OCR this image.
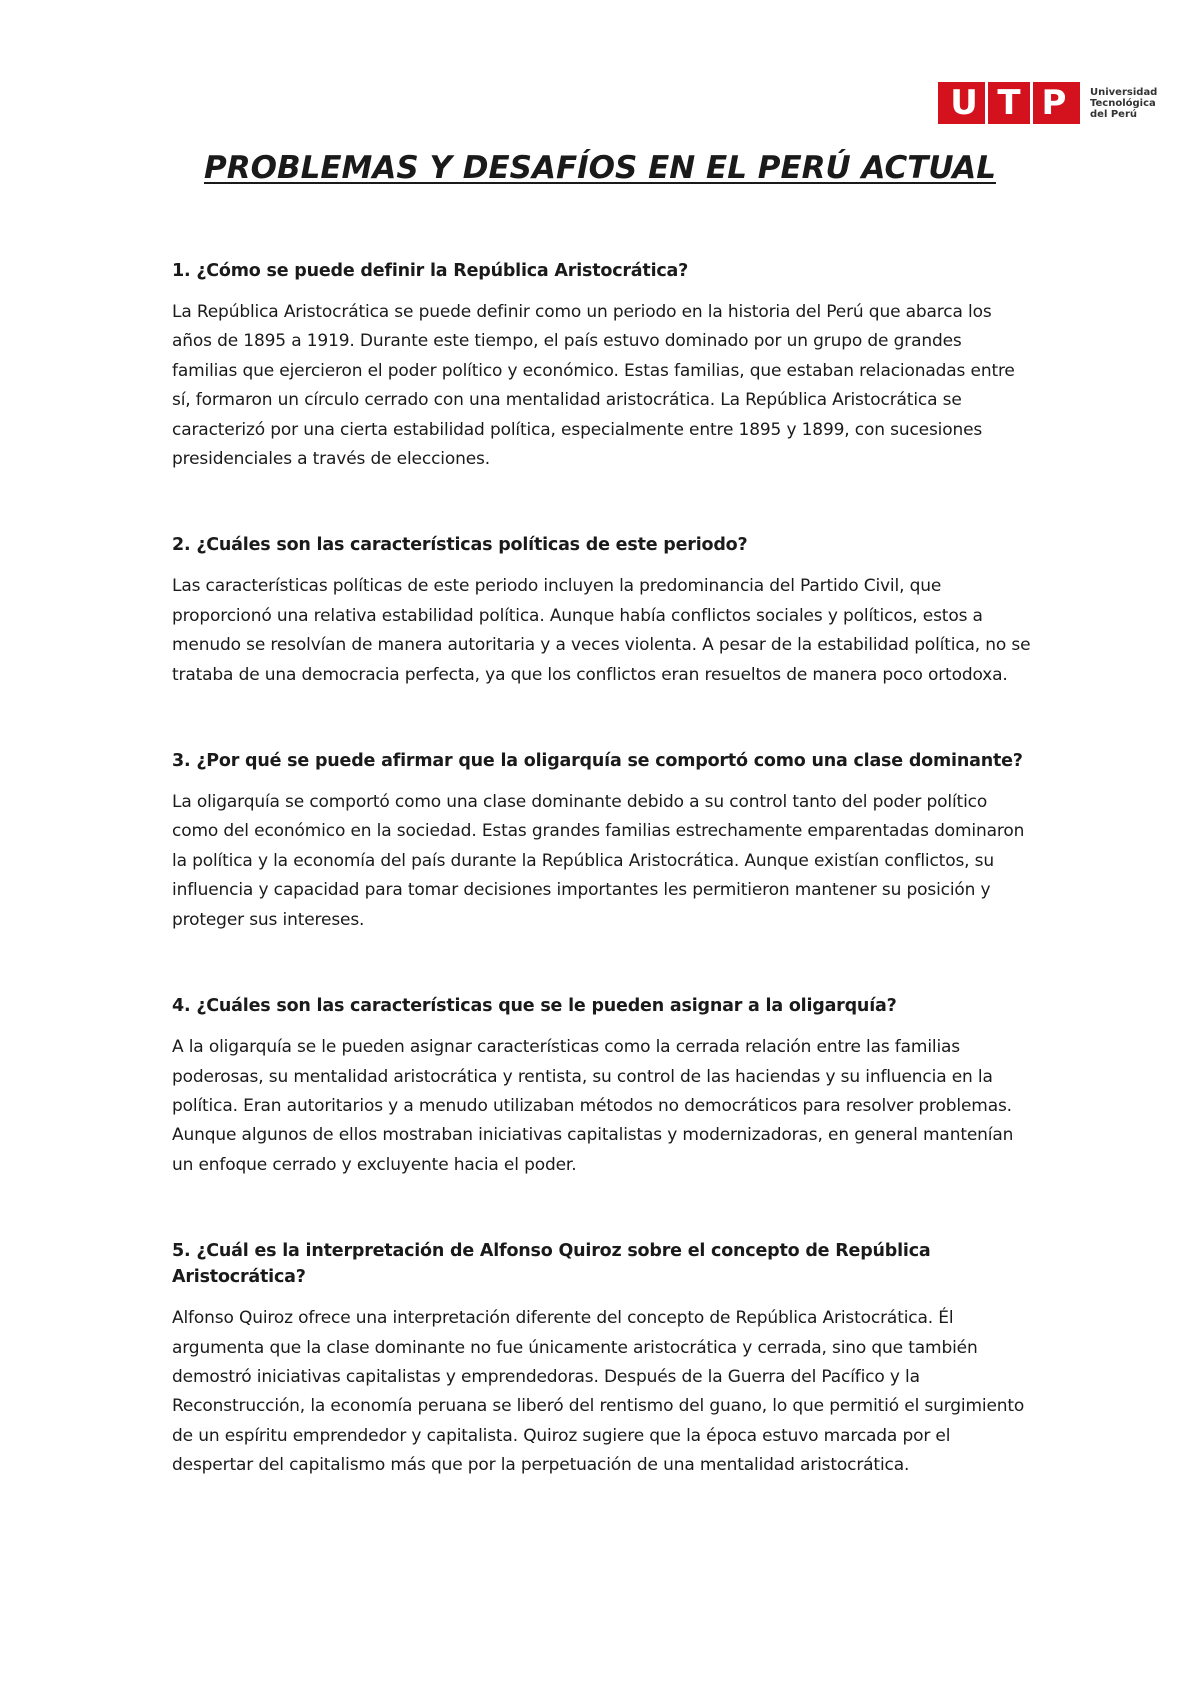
U T P	Universidad
Tecnológica
del Perú
PROBLEMAS Y DESAFÍOS EN EL PERÚ ACTUAL

1. ¿Cómo se puede definir la República Aristocrática?

La República Aristocrática se puede definir como un periodo en la historia del Perú que abarca los años de 1895 a 1919. Durante este tiempo, el país estuvo dominado por un grupo de grandes familias que ejercieron el poder político y económico. Estas familias, que estaban relacionadas entre sí, formaron un círculo cerrado con una mentalidad aristocrática. La República Aristocrática se caracterizó por una cierta estabilidad política, especialmente entre 1895 y 1899, con sucesiones presidenciales a través de elecciones.

2. ¿Cuáles son las características políticas de este periodo?

Las características políticas de este periodo incluyen la predominancia del Partido Civil, que proporcionó una relativa estabilidad política. Aunque había conflictos sociales y políticos, estos a menudo se resolvían de manera autoritaria y a veces violenta. A pesar de la estabilidad política, no se trataba de una democracia perfecta, ya que los conflictos eran resueltos de manera poco ortodoxa.

3. ¿Por qué se puede afirmar que la oligarquía se comportó como una clase dominante?

La oligarquía se comportó como una clase dominante debido a su control tanto del poder político como del económico en la sociedad. Estas grandes familias estrechamente emparentadas dominaron la política y la economía del país durante la República Aristocrática. Aunque existían conflictos, su influencia y capacidad para tomar decisiones importantes les permitieron mantener su posición y proteger sus intereses.

4. ¿Cuáles son las características que se le pueden asignar a la oligarquía?

A la oligarquía se le pueden asignar características como la cerrada relación entre las familias poderosas, su mentalidad aristocrática y rentista, su control de las haciendas y su influencia en la política. Eran autoritarios y a menudo utilizaban métodos no democráticos para resolver problemas. Aunque algunos de ellos mostraban iniciativas capitalistas y modernizadoras, en general mantenían un enfoque cerrado y excluyente hacia el poder.

5. ¿Cuál es la interpretación de Alfonso Quiroz sobre el concepto de República Aristocrática?

Alfonso Quiroz ofrece una interpretación diferente del concepto de República Aristocrática. Él argumenta que la clase dominante no fue únicamente aristocrática y cerrada, sino que también demostró iniciativas capitalistas y emprendedoras. Después de la Guerra del Pacífico y la Reconstrucción, la economía peruana se liberó del rentismo del guano, lo que permitió el surgimiento de un espíritu emprendedor y capitalista. Quiroz sugiere que la época estuvo marcada por el despertar del capitalismo más que por la perpetuación de una mentalidad aristocrática.
